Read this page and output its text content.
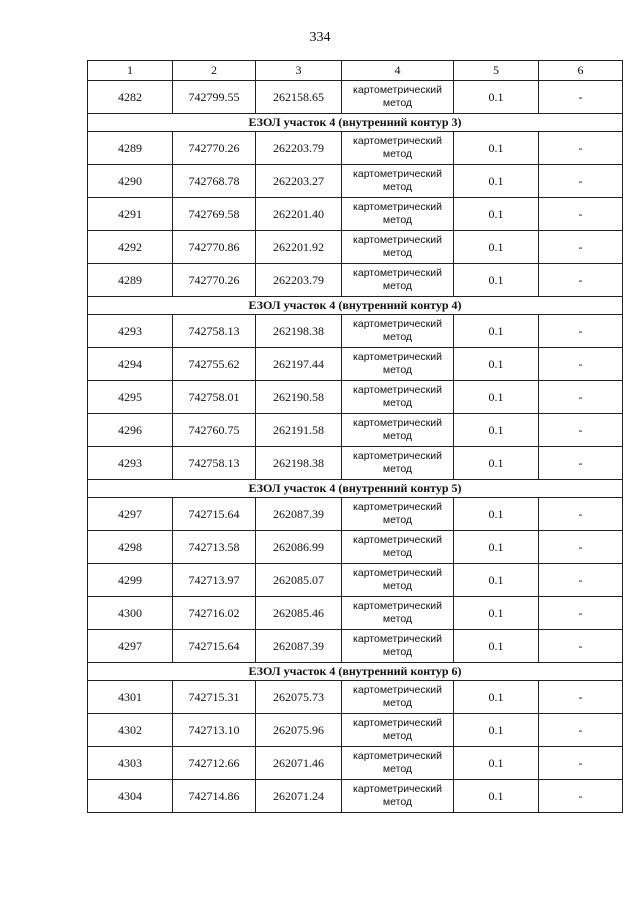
334
1	2	3	4	5	6
4282	742799.55	262158.65	картометрический метод	0.1	-
ЕЗОЛ участок 4 (внутренний контур 3)					
4289	742770.26	262203.79	картометрический метод	0.1	-
4290	742768.78	262203.27	картометрический метод	0.1	-
4291	742769.58	262201.40	картометрический метод	0.1	-
4292	742770.86	262201.92	картометрический метод	0.1	-
4289	742770.26	262203.79	картометрический метод	0.1	-
ЕЗОЛ участок 4 (внутренний контур 4)					
4293	742758.13	262198.38	картометрический метод	0.1	-
4294	742755.62	262197.44	картометрический метод	0.1	-
4295	742758.01	262190.58	картометрический метод	0.1	-
4296	742760.75	262191.58	картометрический метод	0.1	-
4293	742758.13	262198.38	картометрический метод	0.1	-
ЕЗОЛ участок 4 (внутренний контур 5)					
4297	742715.64	262087.39	картометрический метод	0.1	-
4298	742713.58	262086.99	картометрический метод	0.1	-
4299	742713.97	262085.07	картометрический метод	0.1	-
4300	742716.02	262085.46	картометрический метод	0.1	-
4297	742715.64	262087.39	картометрический метод	0.1	-
ЕЗОЛ участок 4 (внутренний контур 6)					
4301	742715.31	262075.73	картометрический метод	0.1	-
4302	742713.10	262075.96	картометрический метод	0.1	-
4303	742712.66	262071.46	картометрический метод	0.1	-
4304	742714.86	262071.24	картометрический метод	0.1	-
